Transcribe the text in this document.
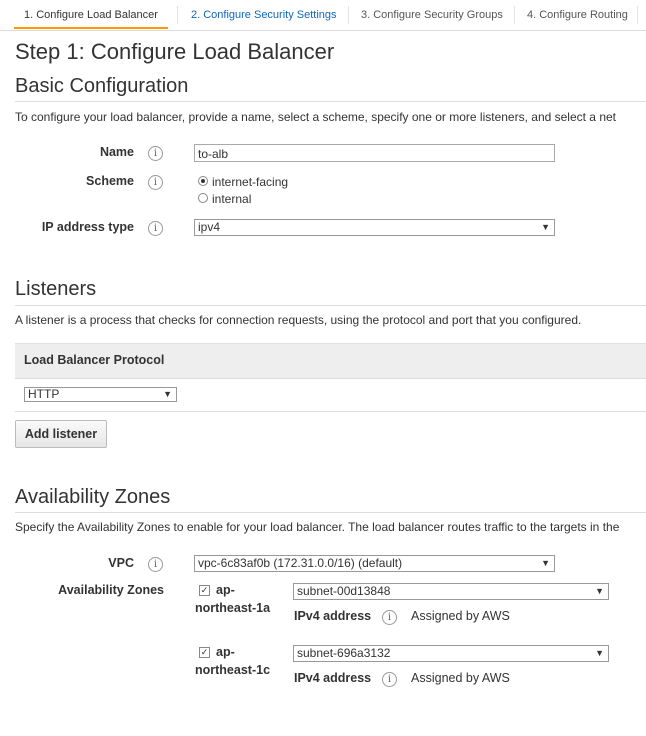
1. Configure Load Balancer	2. Configure Security Settings	3. Configure Security Groups	4. Configure Routing
Step 1: Configure Load Balancer
Basic Configuration
To configure your load balancer, provide a name, select a scheme, specify one or more listeners, and select a net
Name	i	to-alb
Scheme	i	internet-facing
internal
IP address type	i	ipv4	▼
Listeners
A listener is a process that checks for connection requests, using the protocol and port that you configured.
Load Balancer Protocol
HTTP	▼
Add listener
Availability Zones
Specify the Availability Zones to enable for your load balancer. The load balancer routes traffic to the targets in the
VPC	i	vpc-6c83af0b (172.31.0.0/16) (default)	▼
Availability Zones	✓ ap-
northeast-1a
subnet-00d13848	▼
IPv4 address	i	Assigned by AWS
✓ ap-
northeast-1c
subnet-696a3132	▼
IPv4 address	i	Assigned by AWS
